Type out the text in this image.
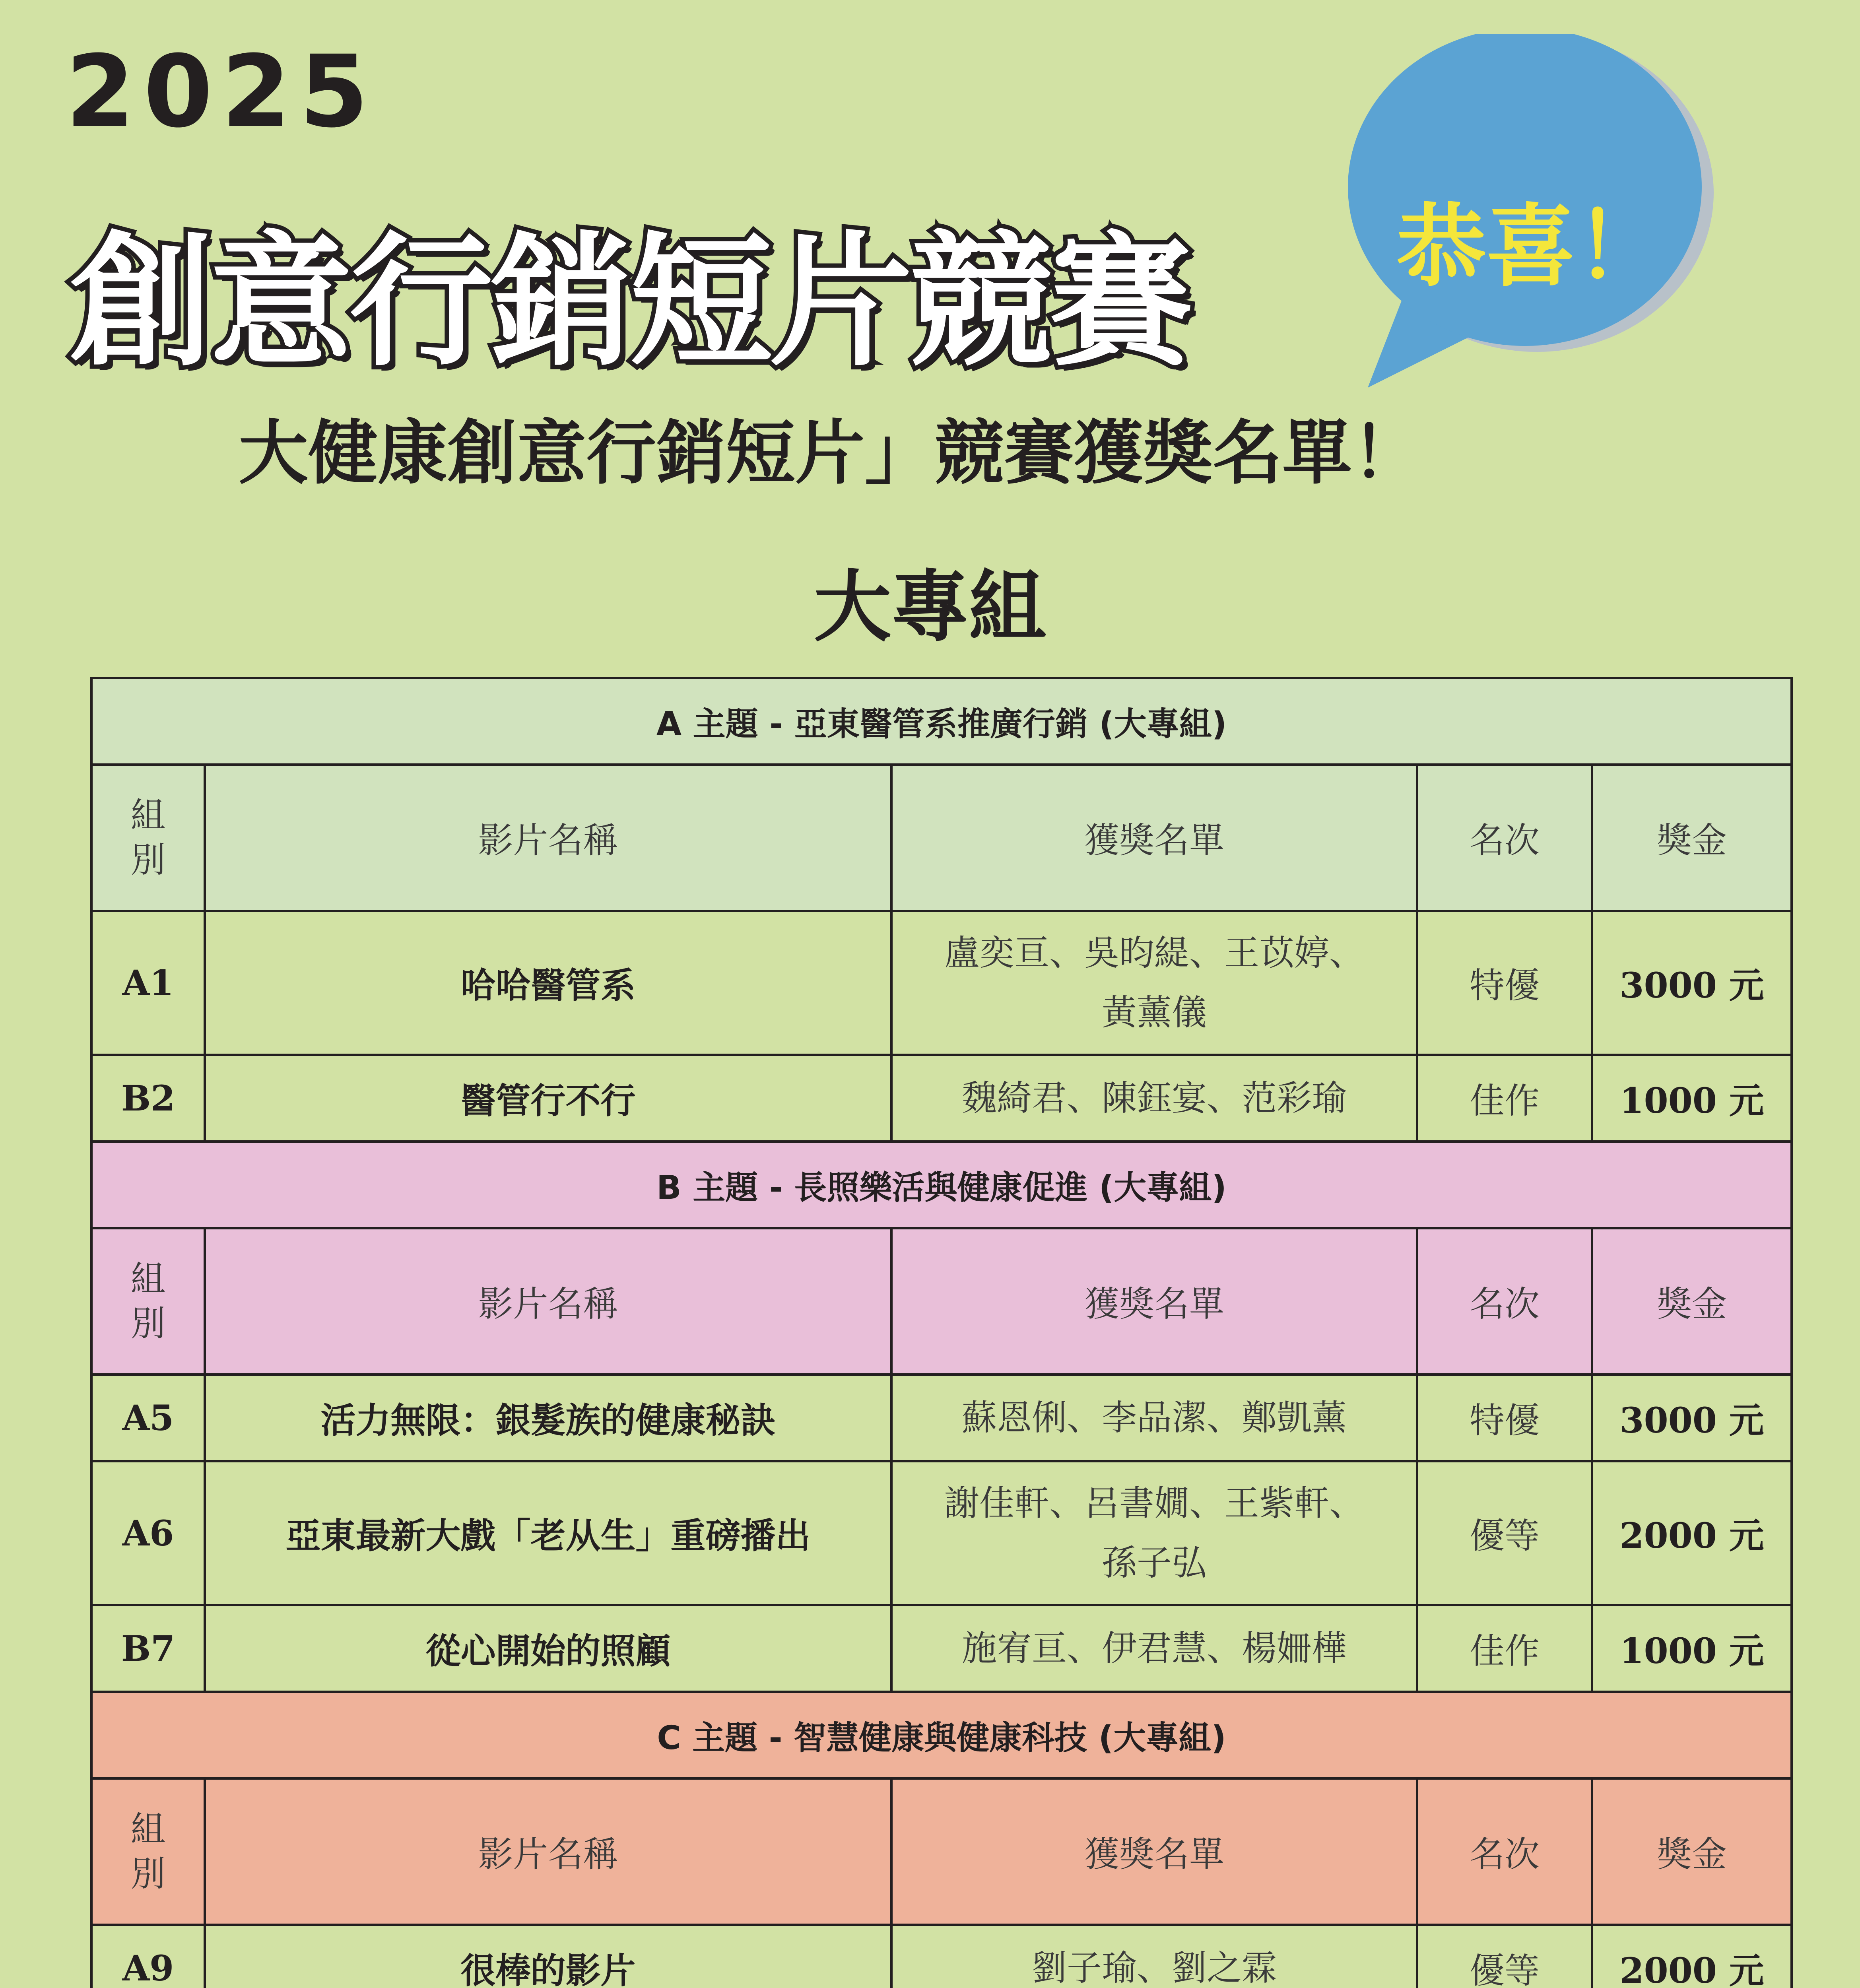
2025
創意行銷短片競賽 恭喜！
大健康創意行銷短片」競賽獲獎名單！
大專組
A 主題 - 亞東醫管系推廣行銷 (大專組)				
組
別	影片名稱	獲獎名單	名次	獎金
A1	哈哈醫管系	盧奕亘、吳昀緹、王苡婷、
黃薰儀	特優	3000 元
B2	醫管行不行	魏綺君、陳鈺宴、范彩瑜	佳作	1000 元
B 主題 - 長照樂活與健康促進 (大專組)				
組
別	影片名稱	獲獎名單	名次	獎金
A5	活力無限：銀髮族的健康秘訣	蘇恩俐、李品潔、鄭凱薰	特優	3000 元
A6	亞東最新大戲「老从生」重磅播出	謝佳軒、呂書嫺、王紫軒、
孫子弘	優等	2000 元
B7	從心開始的照顧	施宥亘、伊君慧、楊姍樺	佳作	1000 元
C 主題 - 智慧健康與健康科技 (大專組)				
組
別	影片名稱	獲獎名單	名次	獎金
A9	很棒的影片	劉子瑜、劉之霖	優等	2000 元
